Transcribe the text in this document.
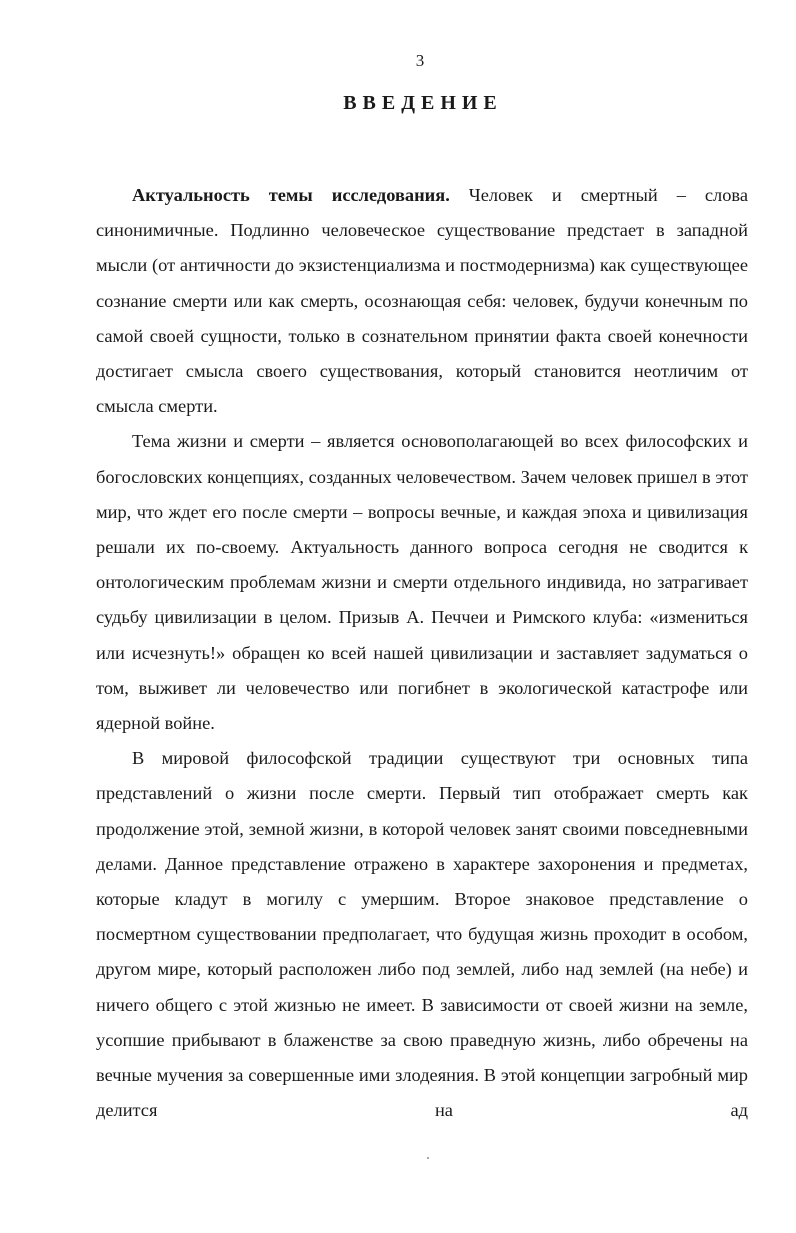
3
ВВЕДЕНИЕ

Актуальность темы исследования. Человек и смертный – слова синонимичные. Подлинно человеческое существование предстает в западной мысли (от античности до экзистенциализма и постмодернизма) как существующее сознание смерти или как смерть, осознающая себя: человек, будучи конечным по самой своей сущности, только в сознательном принятии факта своей конечности достигает смысла своего существования, который становится неотличим от смысла смерти.

Тема жизни и смерти – является основополагающей во всех философских и богословских концепциях, созданных человечеством. Зачем человек пришел в этот мир, что ждет его после смерти – вопросы вечные, и каждая эпоха и цивилизация решали их по-своему. Актуальность данного вопроса сегодня не сводится к онтологическим проблемам жизни и смерти отдельного индивида, но затрагивает судьбу цивилизации в целом. Призыв А. Печчеи и Римского клуба: «измениться или исчезнуть!» обращен ко всей нашей цивилизации и заставляет задуматься о том, выживет ли человечество или погибнет в экологической катастрофе или ядерной войне.

В мировой философской традиции существуют три основных типа представлений о жизни после смерти. Первый тип отображает смерть как продолжение этой, земной жизни, в которой человек занят своими повседневными делами. Данное представление отражено в характере захоронения и предметах, которые кладут в могилу с умершим. Второе знаковое представление о посмертном существовании предполагает, что будущая жизнь проходит в особом, другом мире, который расположен либо под землей, либо над землей (на небе) и ничего общего с этой жизнью не имеет. В зависимости от своей жизни на земле, усопшие прибывают в блаженстве за свою праведную жизнь, либо обречены на вечные мучения за совершенные ими злодеяния. В этой концепции загробный мир делится на ад
